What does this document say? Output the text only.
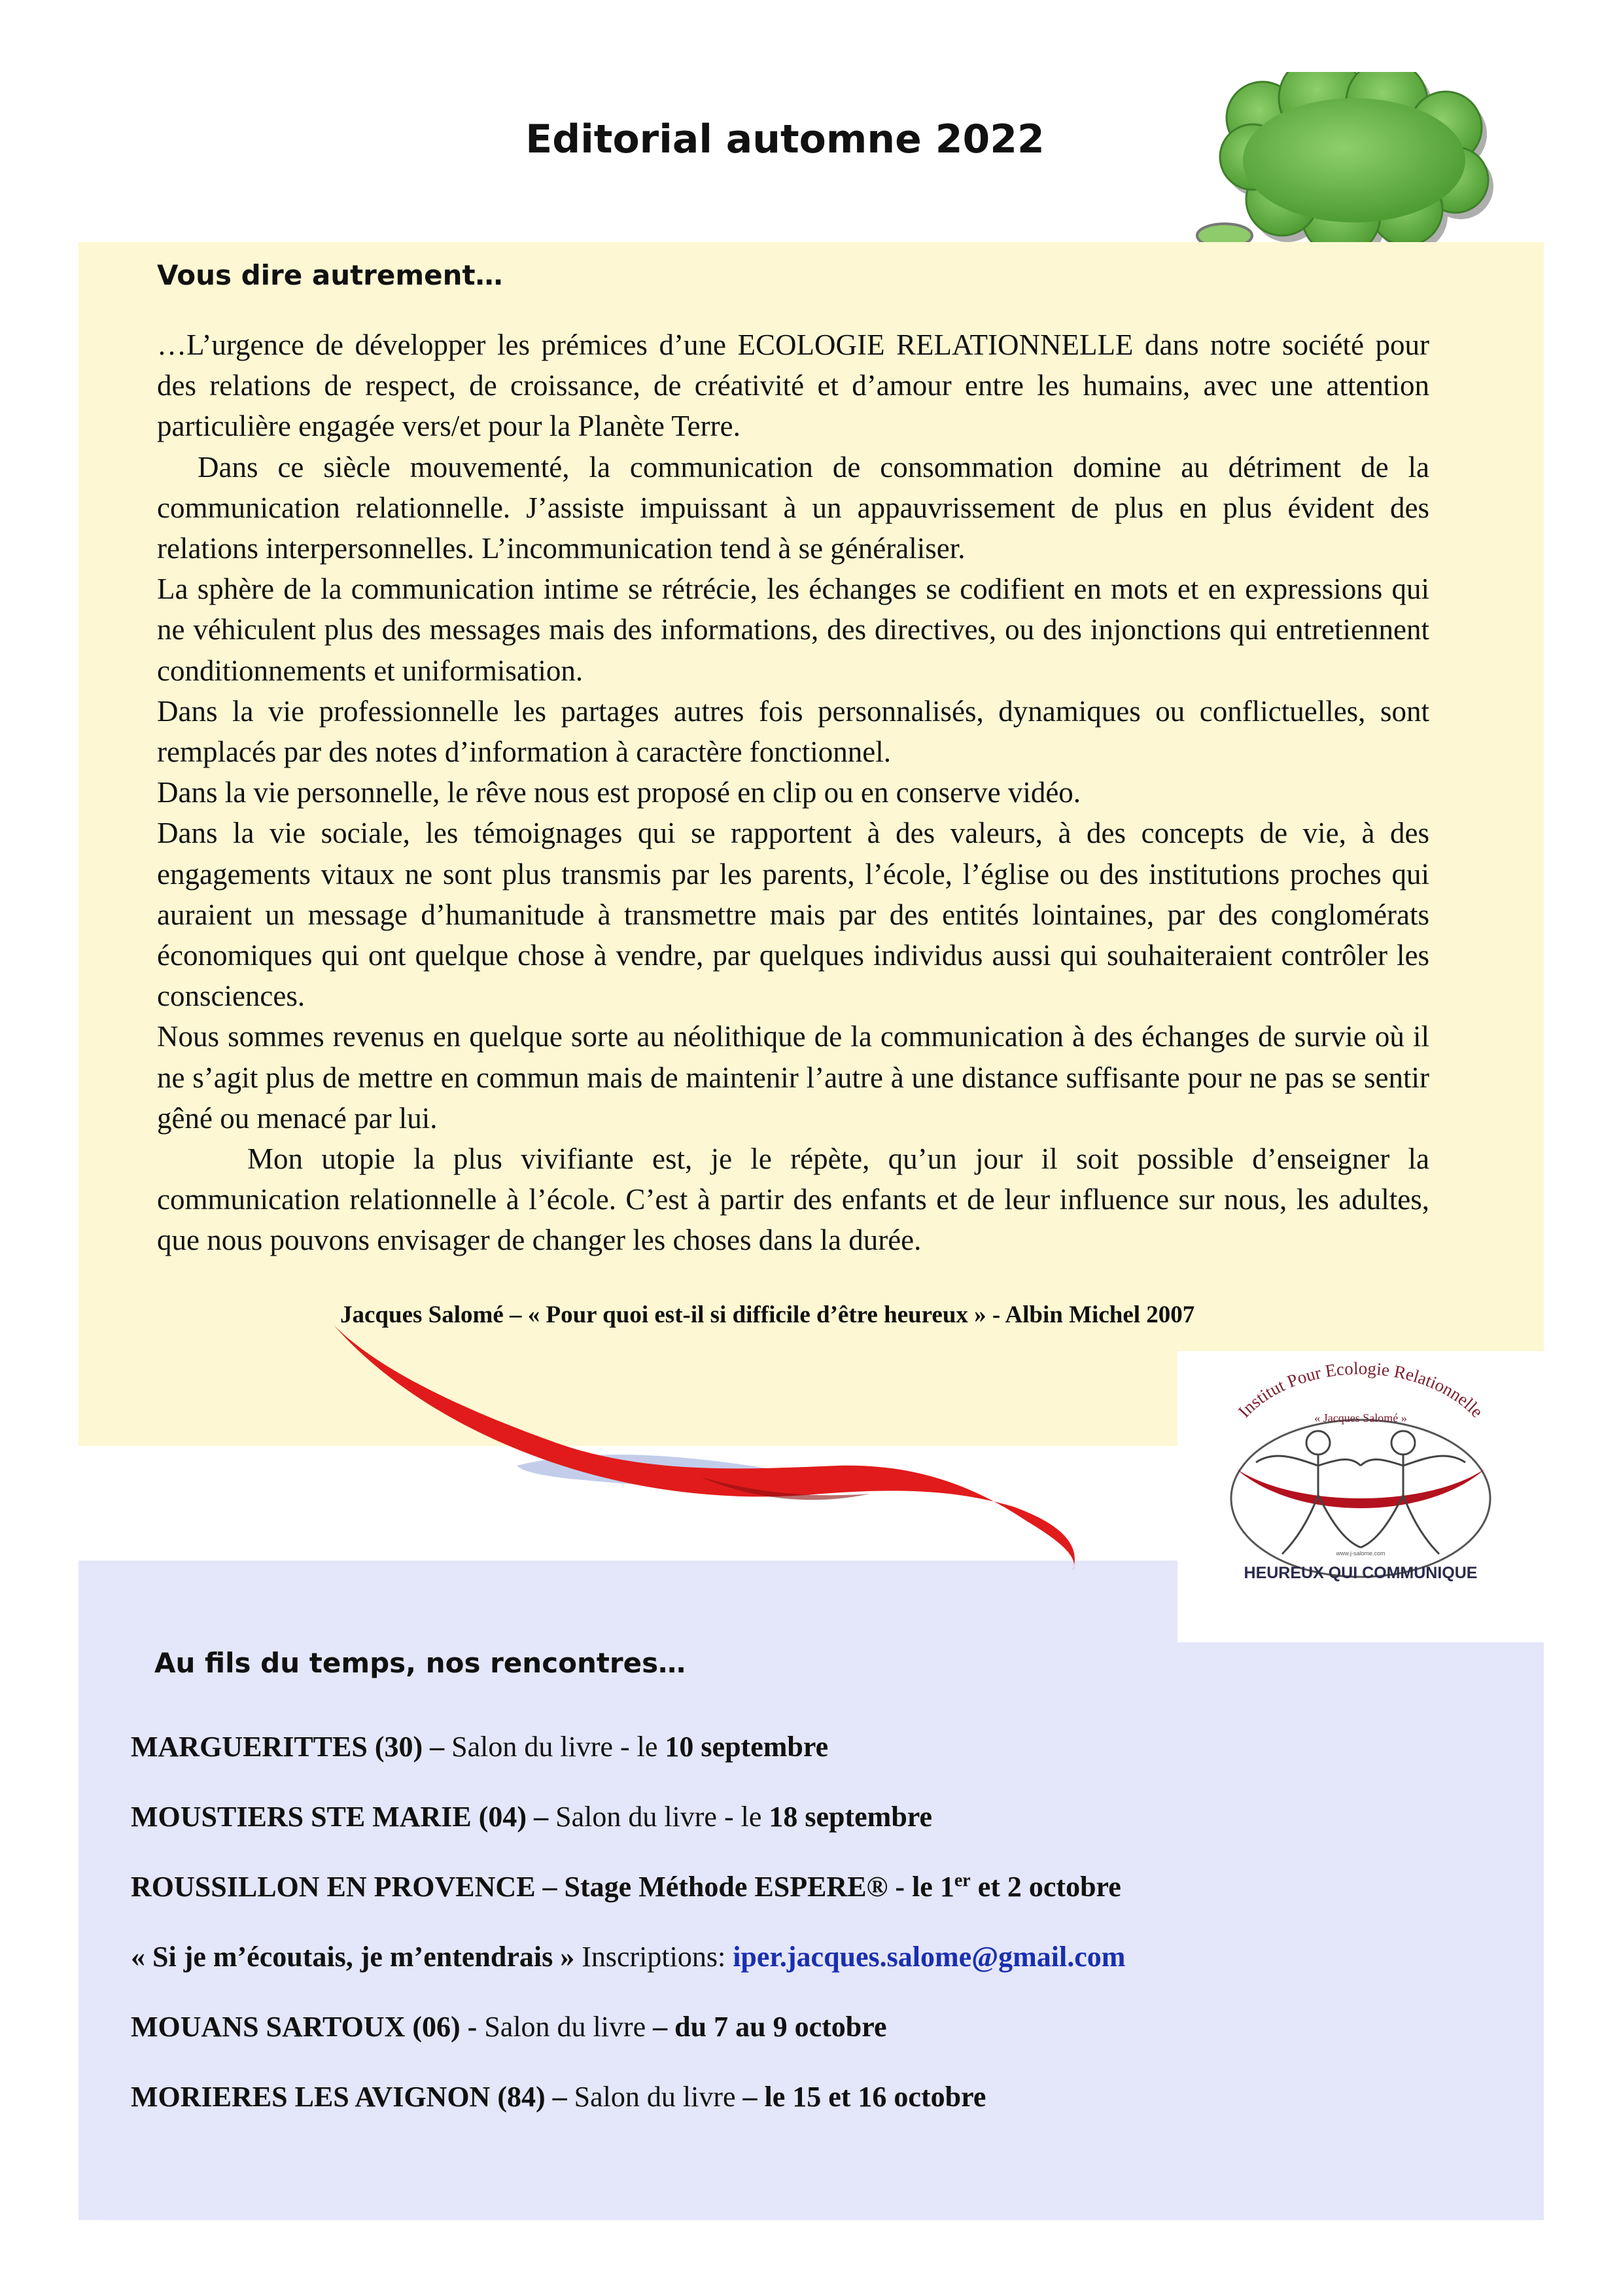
Editorial automne 2022
Vous dire autrement…

…L’urgence de développer les prémices d’une ECOLOGIE RELATIONNELLE dans notre société pour des relations de respect, de croissance, de créativité et d’amour entre les humains, avec une attention particulière engagée vers/et pour la Planète Terre.

Dans ce siècle mouvementé, la communication de consommation domine au détriment de la communication relationnelle. J’assiste impuissant à un appauvrissement de plus en plus évident des relations interpersonnelles. L’incommunication tend à se généraliser.

La sphère de la communication intime se rétrécie, les échanges se codifient en mots et en expressions qui ne véhiculent plus des messages mais des informations, des directives, ou des injonctions qui entretiennent conditionnements et uniformisation.

Dans la vie professionnelle les partages autres fois personnalisés, dynamiques ou conflictuelles, sont remplacés par des notes d’information à caractère fonctionnel.

Dans la vie personnelle, le rêve nous est proposé en clip ou en conserve vidéo.

Dans la vie sociale, les témoignages qui se rapportent à des valeurs, à des concepts de vie, à des engagements vitaux ne sont plus transmis par les parents, l’école, l’église ou des institutions proches qui auraient un message d’humanitude à transmettre mais par des entités lointaines, par des conglomérats économiques qui ont quelque chose à vendre, par quelques individus aussi qui souhaiteraient contrôler les consciences.

Nous sommes revenus en quelque sorte au néolithique de la communication à des échanges de survie où il ne s’agit plus de mettre en commun mais de maintenir l’autre à une distance suffisante pour ne pas se sentir gêné ou menacé par lui.

Mon utopie la plus vivifiante est, je le répète, qu’un jour il soit possible d’enseigner la communication relationnelle à l’école. C’est à partir des enfants et de leur influence sur nous, les adultes, que nous pouvons envisager de changer les choses dans la durée.

Jacques Salomé – « Pour quoi est-il si difficile d’être heureux » - Albin Michel 2007
Institut Pour Ecologie Relationnelle
« Jacques Salomé »
www.j-salome.com
HEUREUX QUI COMMUNIQUE
Au fils du temps, nos rencontres…
MARGUERITTES (30) – Salon du livre - le 10 septembre
MOUSTIERS STE MARIE (04) – Salon du livre - le 18 septembre
ROUSSILLON EN PROVENCE – Stage Méthode ESPERE® - le 1er et 2 octobre
« Si je m’écoutais, je m’entendrais » Inscriptions: iper.jacques.salome@gmail.com
MOUANS SARTOUX (06) - Salon du livre – du 7 au 9 octobre
MORIERES LES AVIGNON (84) – Salon du livre – le 15 et 16 octobre
